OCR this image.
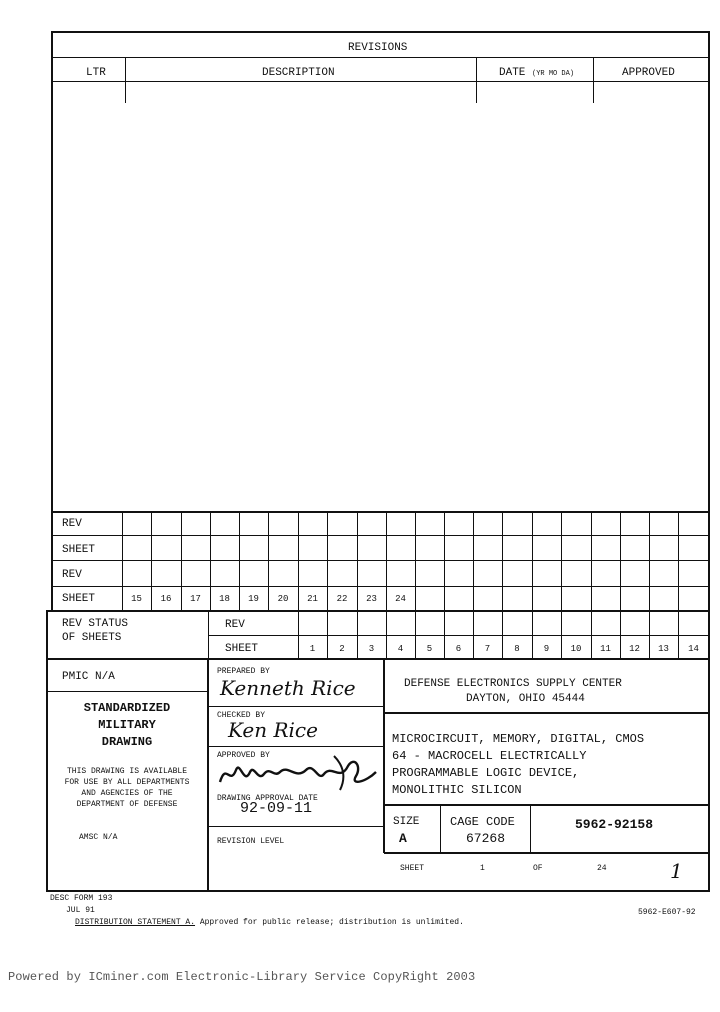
REVISIONS
LTR	DESCRIPTION	DATE (YR MO DA)	APPROVED
REV
SHEET
REV
SHEET	15	16	17	18	19	20	21	22	23	24
REV STATUS
OF SHEETS
REV
SHEET	1	2	3	4	5	6	7	8	9	10	11	12	13	14
PMIC N/A
STANDARDIZED
MILITARY
DRAWING
THIS DRAWING IS AVAILABLE
FOR USE BY ALL DEPARTMENTS
AND AGENCIES OF THE
DEPARTMENT OF DEFENSE
AMSC N/A
PREPARED BY
Kenneth Rice
CHECKED BY
Ken Rice
APPROVED BY
DRAWING APPROVAL DATE
92-09-11
REVISION LEVEL
DEFENSE ELECTRONICS SUPPLY CENTER
DAYTON, OHIO 45444
MICROCIRCUIT, MEMORY, DIGITAL, CMOS
64 - MACROCELL ELECTRICALLY
PROGRAMMABLE LOGIC DEVICE,
MONOLITHIC SILICON
SIZE
A
CAGE CODE
67268
5962-92158
SHEET	1	OF	24	1
DESC FORM 193
JUL 91
DISTRIBUTION STATEMENT A. Approved for public release; distribution is unlimited.
5962-E607-92
Powered by ICminer.com Electronic-Library Service CopyRight 2003
